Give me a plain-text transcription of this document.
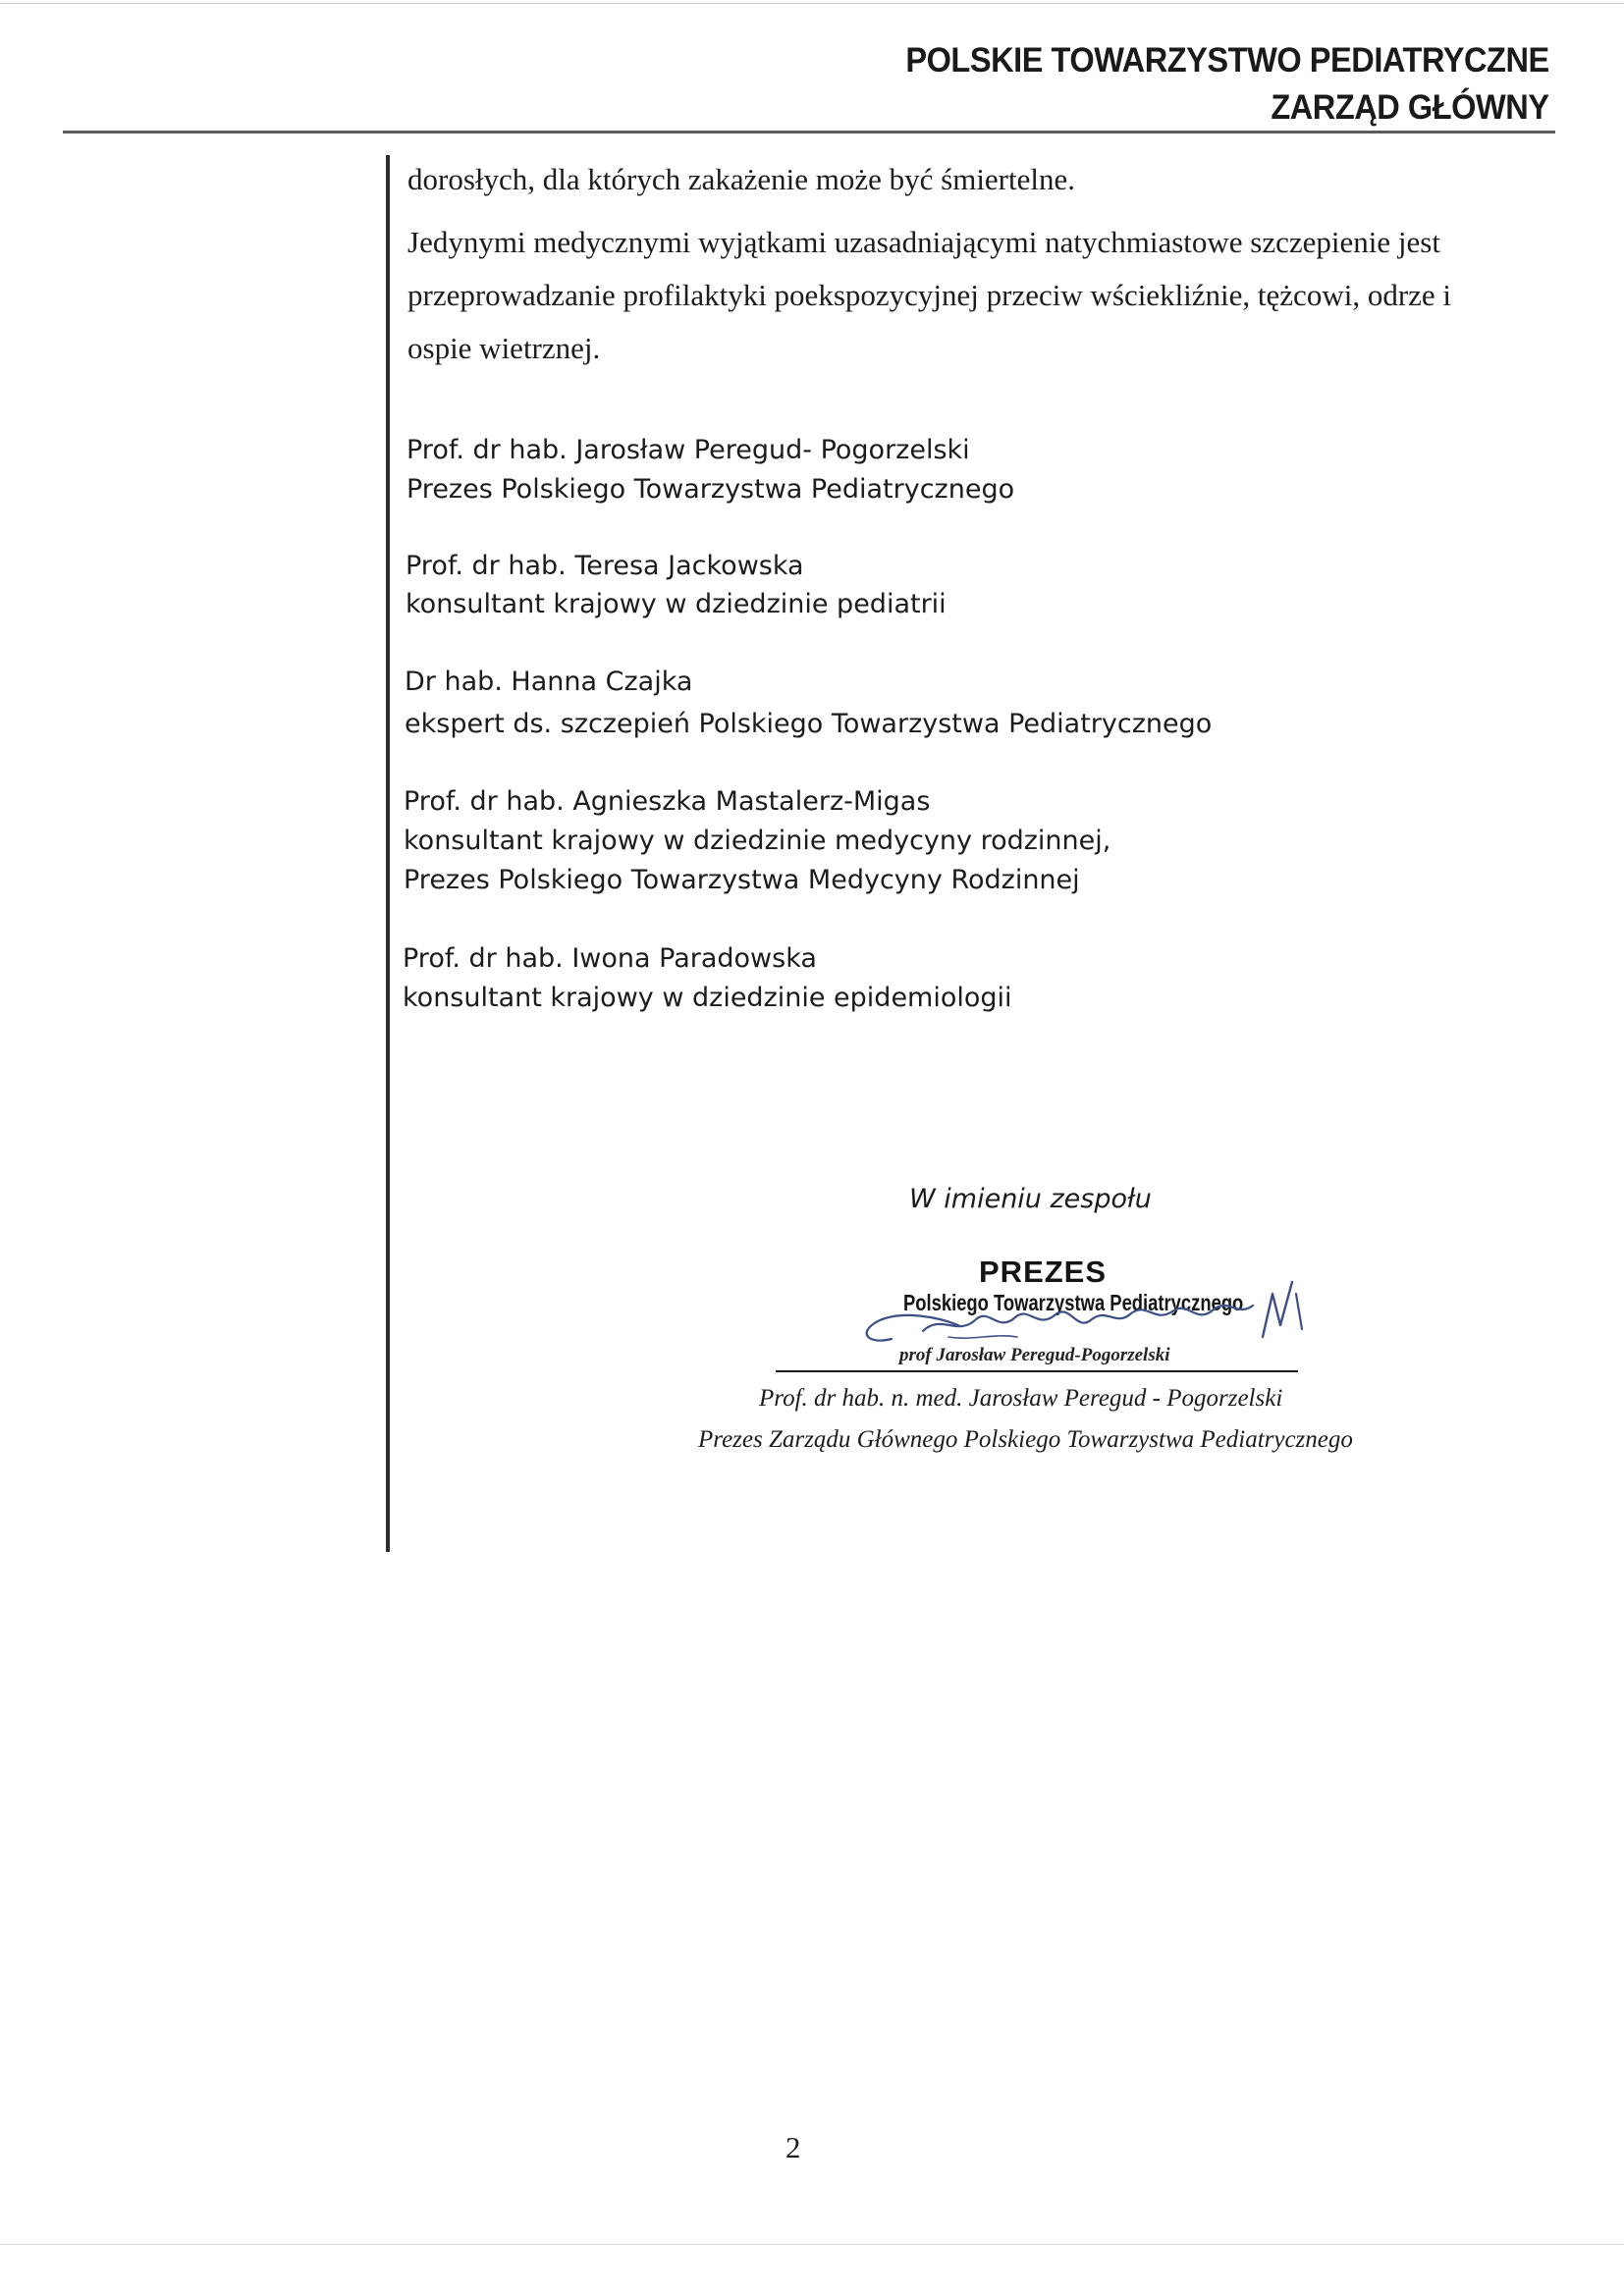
POLSKIE TOWARZYSTWO PEDIATRYCZNE
ZARZĄD GŁÓWNY
dorosłych, dla których zakażenie może być śmiertelne.
Jedynymi medycznymi wyjątkami uzasadniającymi natychmiastowe szczepienie jest
przeprowadzanie profilaktyki poekspozycyjnej przeciw wściekliźnie, tężcowi, odrze i
ospie wietrznej.
Prof. dr hab. Jarosław Peregud- Pogorzelski
Prezes Polskiego Towarzystwa Pediatrycznego
Prof. dr hab. Teresa Jackowska
konsultant krajowy w dziedzinie pediatrii
Dr hab. Hanna Czajka
ekspert ds. szczepień Polskiego Towarzystwa Pediatrycznego
Prof. dr hab. Agnieszka Mastalerz-Migas
konsultant krajowy w dziedzinie medycyny rodzinnej,
Prezes Polskiego Towarzystwa Medycyny Rodzinnej
Prof. dr hab. Iwona Paradowska
konsultant krajowy w dziedzinie epidemiologii
W imieniu zespołu
PREZES
Polskiego Towarzystwa Pediatrycznego
prof Jarosław Peregud-Pogorzelski
Prof. dr hab. n. med. Jarosław Peregud - Pogorzelski
Prezes Zarządu Głównego Polskiego Towarzystwa Pediatrycznego
2
